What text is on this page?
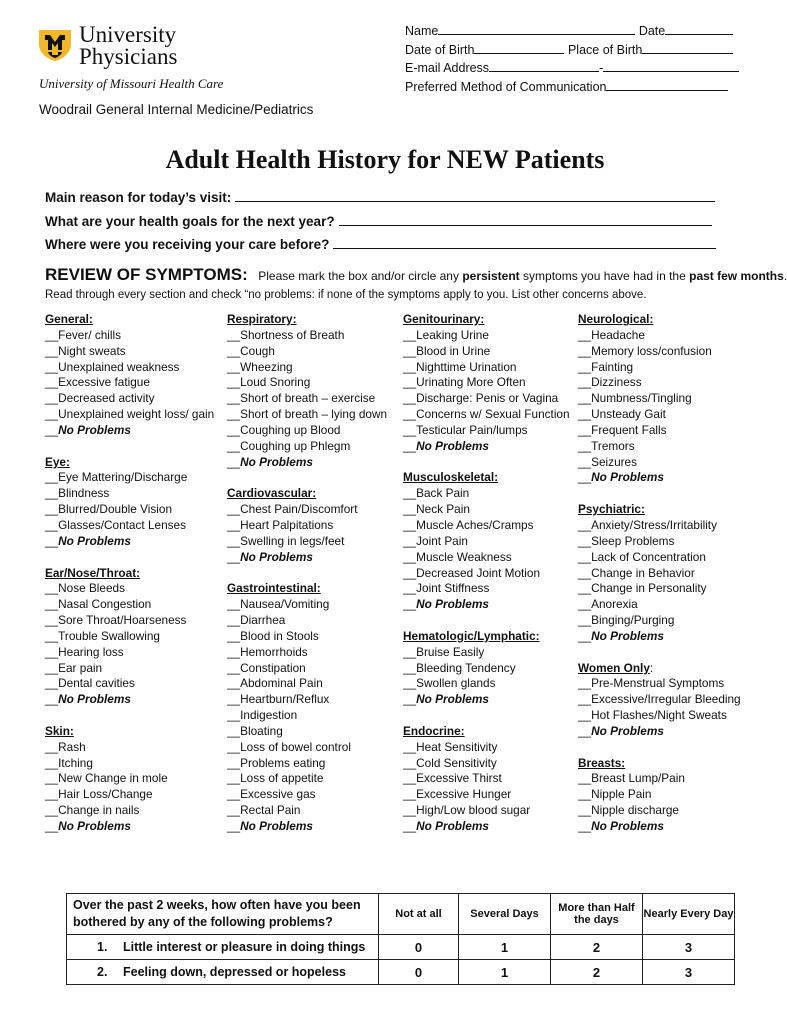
University
Physicians
University of Missouri Health Care
Woodrail General Internal Medicine/Pediatrics
Name	Date
Date of Birth	Place of Birth
E-mail Address	-
Preferred Method of Communication
Adult Health History for NEW Patients
Main reason for today’s visit:
What are your health goals for the next year?
Where were you receiving your care before?
REVIEW OF SYMPTOMS: Please mark the box and/or circle any persistent symptoms you have had in the past few months.
Read through every section and check “no problems: if none of the symptoms apply to you. List other concerns above.
General:
__Fever/ chills
__Night sweats
__Unexplained weakness
__Excessive fatigue
__Decreased activity
__Unexplained weight loss/ gain
__No Problems
Eye:
__Eye Mattering/Discharge
__Blindness
__Blurred/Double Vision
__Glasses/Contact Lenses
__No Problems
Ear/Nose/Throat:
__Nose Bleeds
__Nasal Congestion
__Sore Throat/Hoarseness
__Trouble Swallowing
__Hearing loss
__Ear pain
__Dental cavities
__No Problems
Skin:
__Rash
__Itching
__New Change in mole
__Hair Loss/Change
__Change in nails
__No Problems
Respiratory:
__Shortness of Breath
__Cough
__Wheezing
__Loud Snoring
__Short of breath – exercise
__Short of breath – lying down
__Coughing up Blood
__Coughing up Phlegm
__No Problems
Cardiovascular:
__Chest Pain/Discomfort
__Heart Palpitations
__Swelling in legs/feet
__No Problems
Gastrointestinal:
__Nausea/Vomiting
__Diarrhea
__Blood in Stools
__Hemorrhoids
__Constipation
__Abdominal Pain
__Heartburn/Reflux
__Indigestion
__Bloating
__Loss of bowel control
__Problems eating
__Loss of appetite
__Excessive gas
__Rectal Pain
__No Problems
Genitourinary:
__Leaking Urine
__Blood in Urine
__Nighttime Urination
__Urinating More Often
__Discharge: Penis or Vagina
__Concerns w/ Sexual Function
__Testicular Pain/lumps
__No Problems
Musculoskeletal:
__Back Pain
__Neck Pain
__Muscle Aches/Cramps
__Joint Pain
__Muscle Weakness
__Decreased Joint Motion
__Joint Stiffness
__No Problems
Hematologic/Lymphatic:
__Bruise Easily
__Bleeding Tendency
__Swollen glands
__No Problems
Endocrine:
__Heat Sensitivity
__Cold Sensitivity
__Excessive Thirst
__Excessive Hunger
__High/Low blood sugar
__No Problems
Neurological:
__Headache
__Memory loss/confusion
__Fainting
__Dizziness
__Numbness/Tingling
__Unsteady Gait
__Frequent Falls
__Tremors
__Seizures
__No Problems
Psychiatric:
__Anxiety/Stress/Irritability
__Sleep Problems
__Lack of Concentration
__Change in Behavior
__Change in Personality
__Anorexia
__Binging/Purging
__No Problems
Women Only:
__Pre-Menstrual Symptoms
__Excessive/Irregular Bleeding
__Hot Flashes/Night Sweats
__No Problems
Breasts:
__Breast Lump/Pain
__Nipple Pain
__Nipple discharge
__No Problems
Over the past 2 weeks, how often have you been bothered by any of the following problems?	Not at all	Several Days	More than Half the days	Nearly Every Day
1. Little interest or pleasure in doing things	0	1	2	3
2. Feeling down, depressed or hopeless	0	1	2	3
